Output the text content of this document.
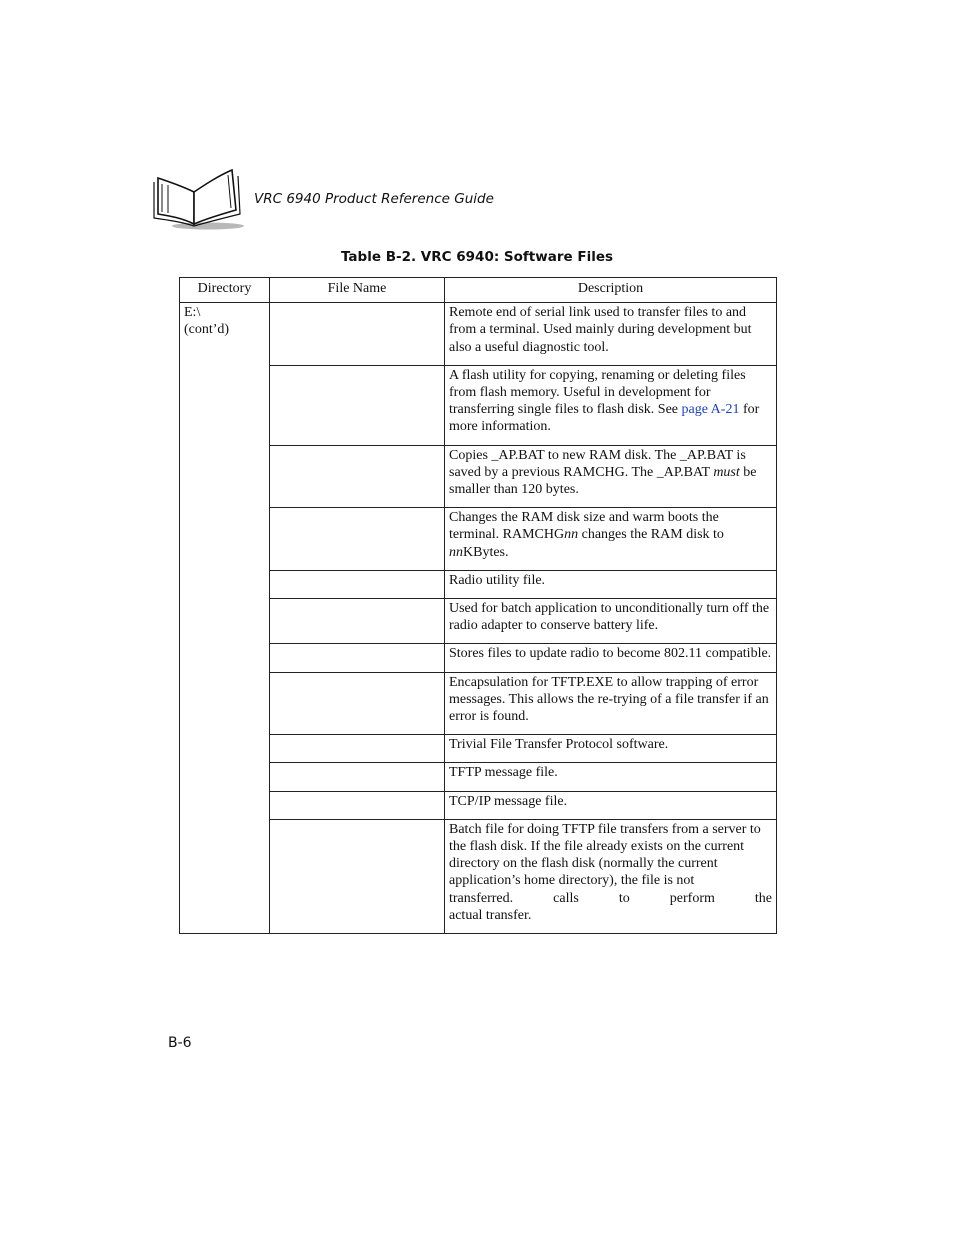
VRC 6940 Product Reference Guide
Table B-2. VRC 6940: Software Files
Directory	File Name	Description

E:\
(cont’d)		Remote end of serial link used to transfer files to and from a terminal. Used mainly during development but also a useful diagnostic tool.
		A flash utility for copying, renaming or deleting files from flash memory. Useful in development for transferring single files to flash disk. See page A-21 for more information.
		Copies _AP.BAT to new RAM disk. The _AP.BAT is saved by a previous RAMCHG. The _AP.BAT must be smaller than 120 bytes.
		Changes the RAM disk size and warm boots the terminal. RAMCHGnn changes the RAM disk to nnKBytes.
		Radio utility file.
		Used for batch application to unconditionally turn off the radio adapter to conserve battery life.
		Stores files to update radio to become 802.11 compatible.
		Encapsulation for TFTP.EXE to allow trapping of error messages. This allows the re-trying of a file transfer if an error is found.
		Trivial File Transfer Protocol software.
		TFTP message file.
		TCP/IP message file.
		Batch file for doing TFTP file transfers from a server to the flash disk. If the file already exists on the current directory on the flash disk (normally the current application’s home directory), the file is not
transferred. calls to perform the
actual transfer.
B-6
